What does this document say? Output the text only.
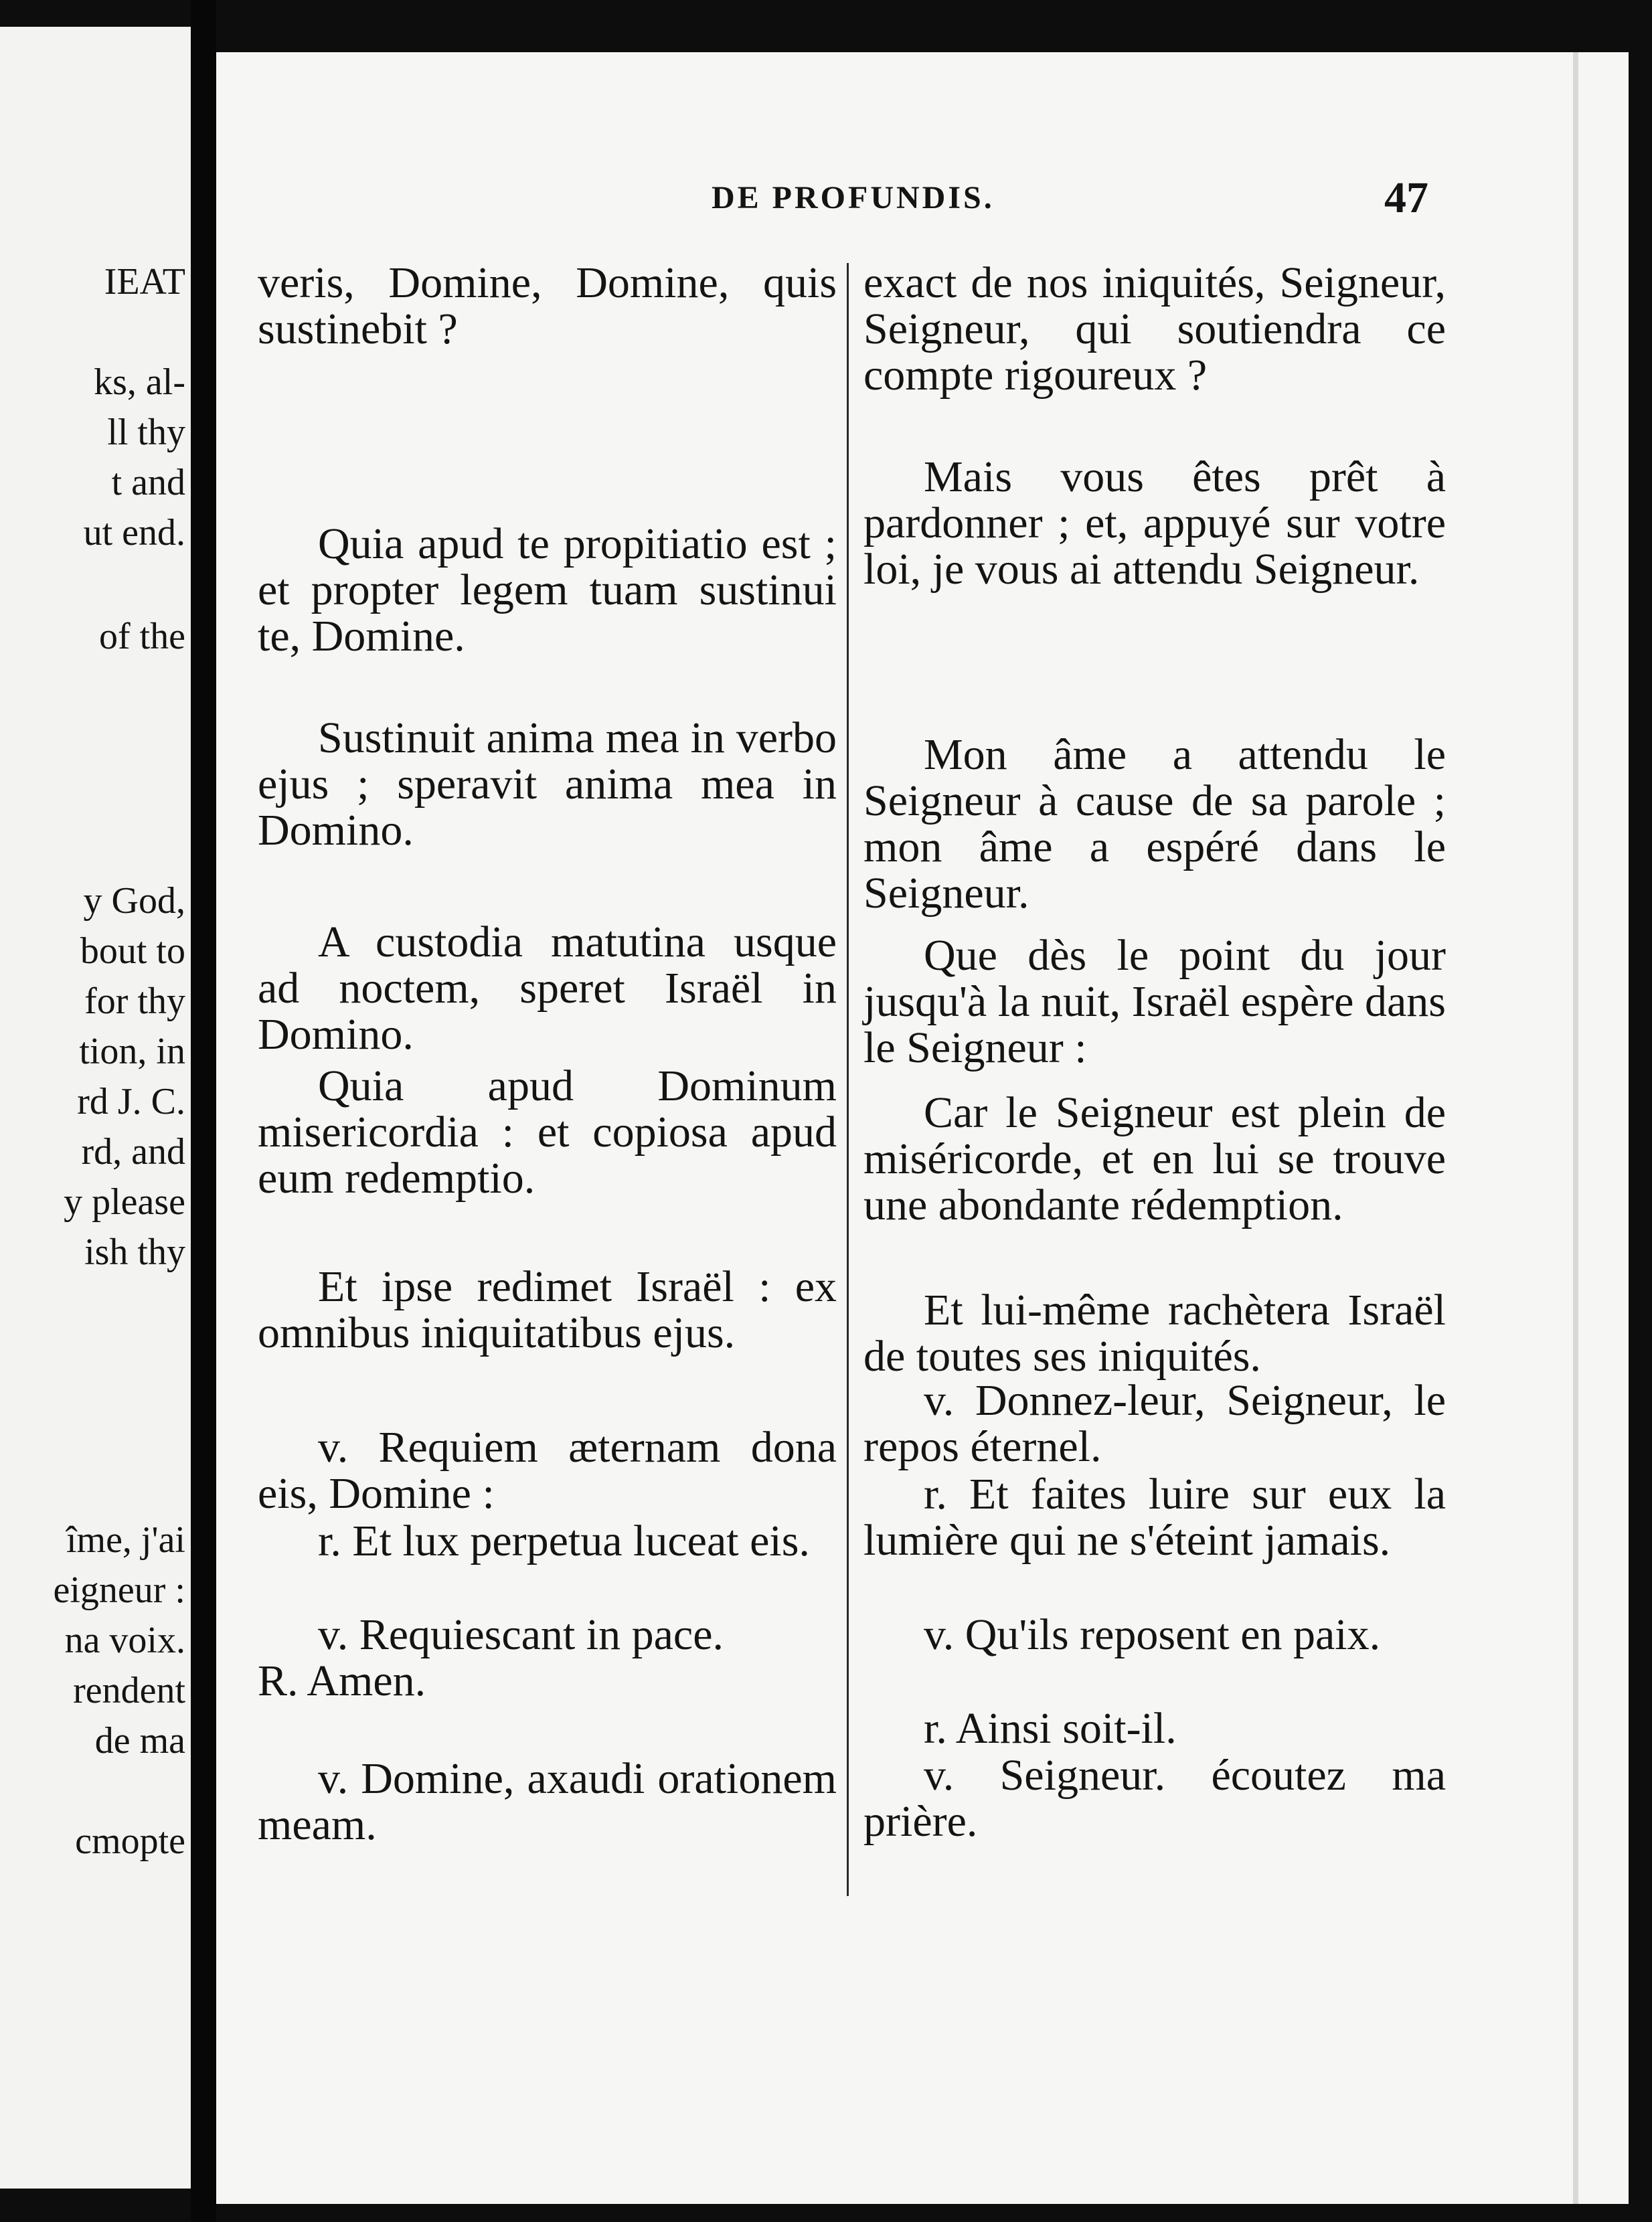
IEAT
ks, al-
ll thy
t and
ut end.
of the
y God,
bout to
for thy
tion, in
rd J. C.
rd, and
y please
ish thy
îme, j'ai
eigneur :
na voix.
rendent
de ma
cmopte
DE PROFUNDIS.	47

veris, Domine, Domine, quis sustinebit ?

Quia apud te propitiatio est ; et propter legem tuam sustinui te, Domine.

Sustinuit anima mea in verbo ejus ; speravit anima mea in Domino.

A custodia matutina usque ad noctem, speret Israël in Domino.

Quia apud Dominum misericordia : et copiosa apud eum redemptio.

Et ipse redimet Israël : ex omnibus iniquitatibus ejus.

v. Requiem æternam dona eis, Domine :

r. Et lux perpetua luceat eis.

v. Requiescant in pace.

R. Amen.

v. Domine, axaudi orationem meam.

exact de nos iniquités, Seigneur, Seigneur, qui soutiendra ce compte rigoureux ?

Mais vous êtes prêt à pardonner ; et, appuyé sur votre loi, je vous ai attendu Seigneur.

Mon âme a attendu le Seigneur à cause de sa parole ; mon âme a espéré dans le Seigneur.

Que dès le point du jour jusqu'à la nuit, Israël espère dans le Seigneur :

Car le Seigneur est plein de miséricorde, et en lui se trouve une abondante rédemption.

Et lui-même rachètera Israël de toutes ses iniquités.

v. Donnez-leur, Seigneur, le repos éternel.

r. Et faites luire sur eux la lumière qui ne s'éteint jamais.

v. Qu'ils reposent en paix.

r. Ainsi soit-il.

v. Seigneur. écoutez ma prière.
